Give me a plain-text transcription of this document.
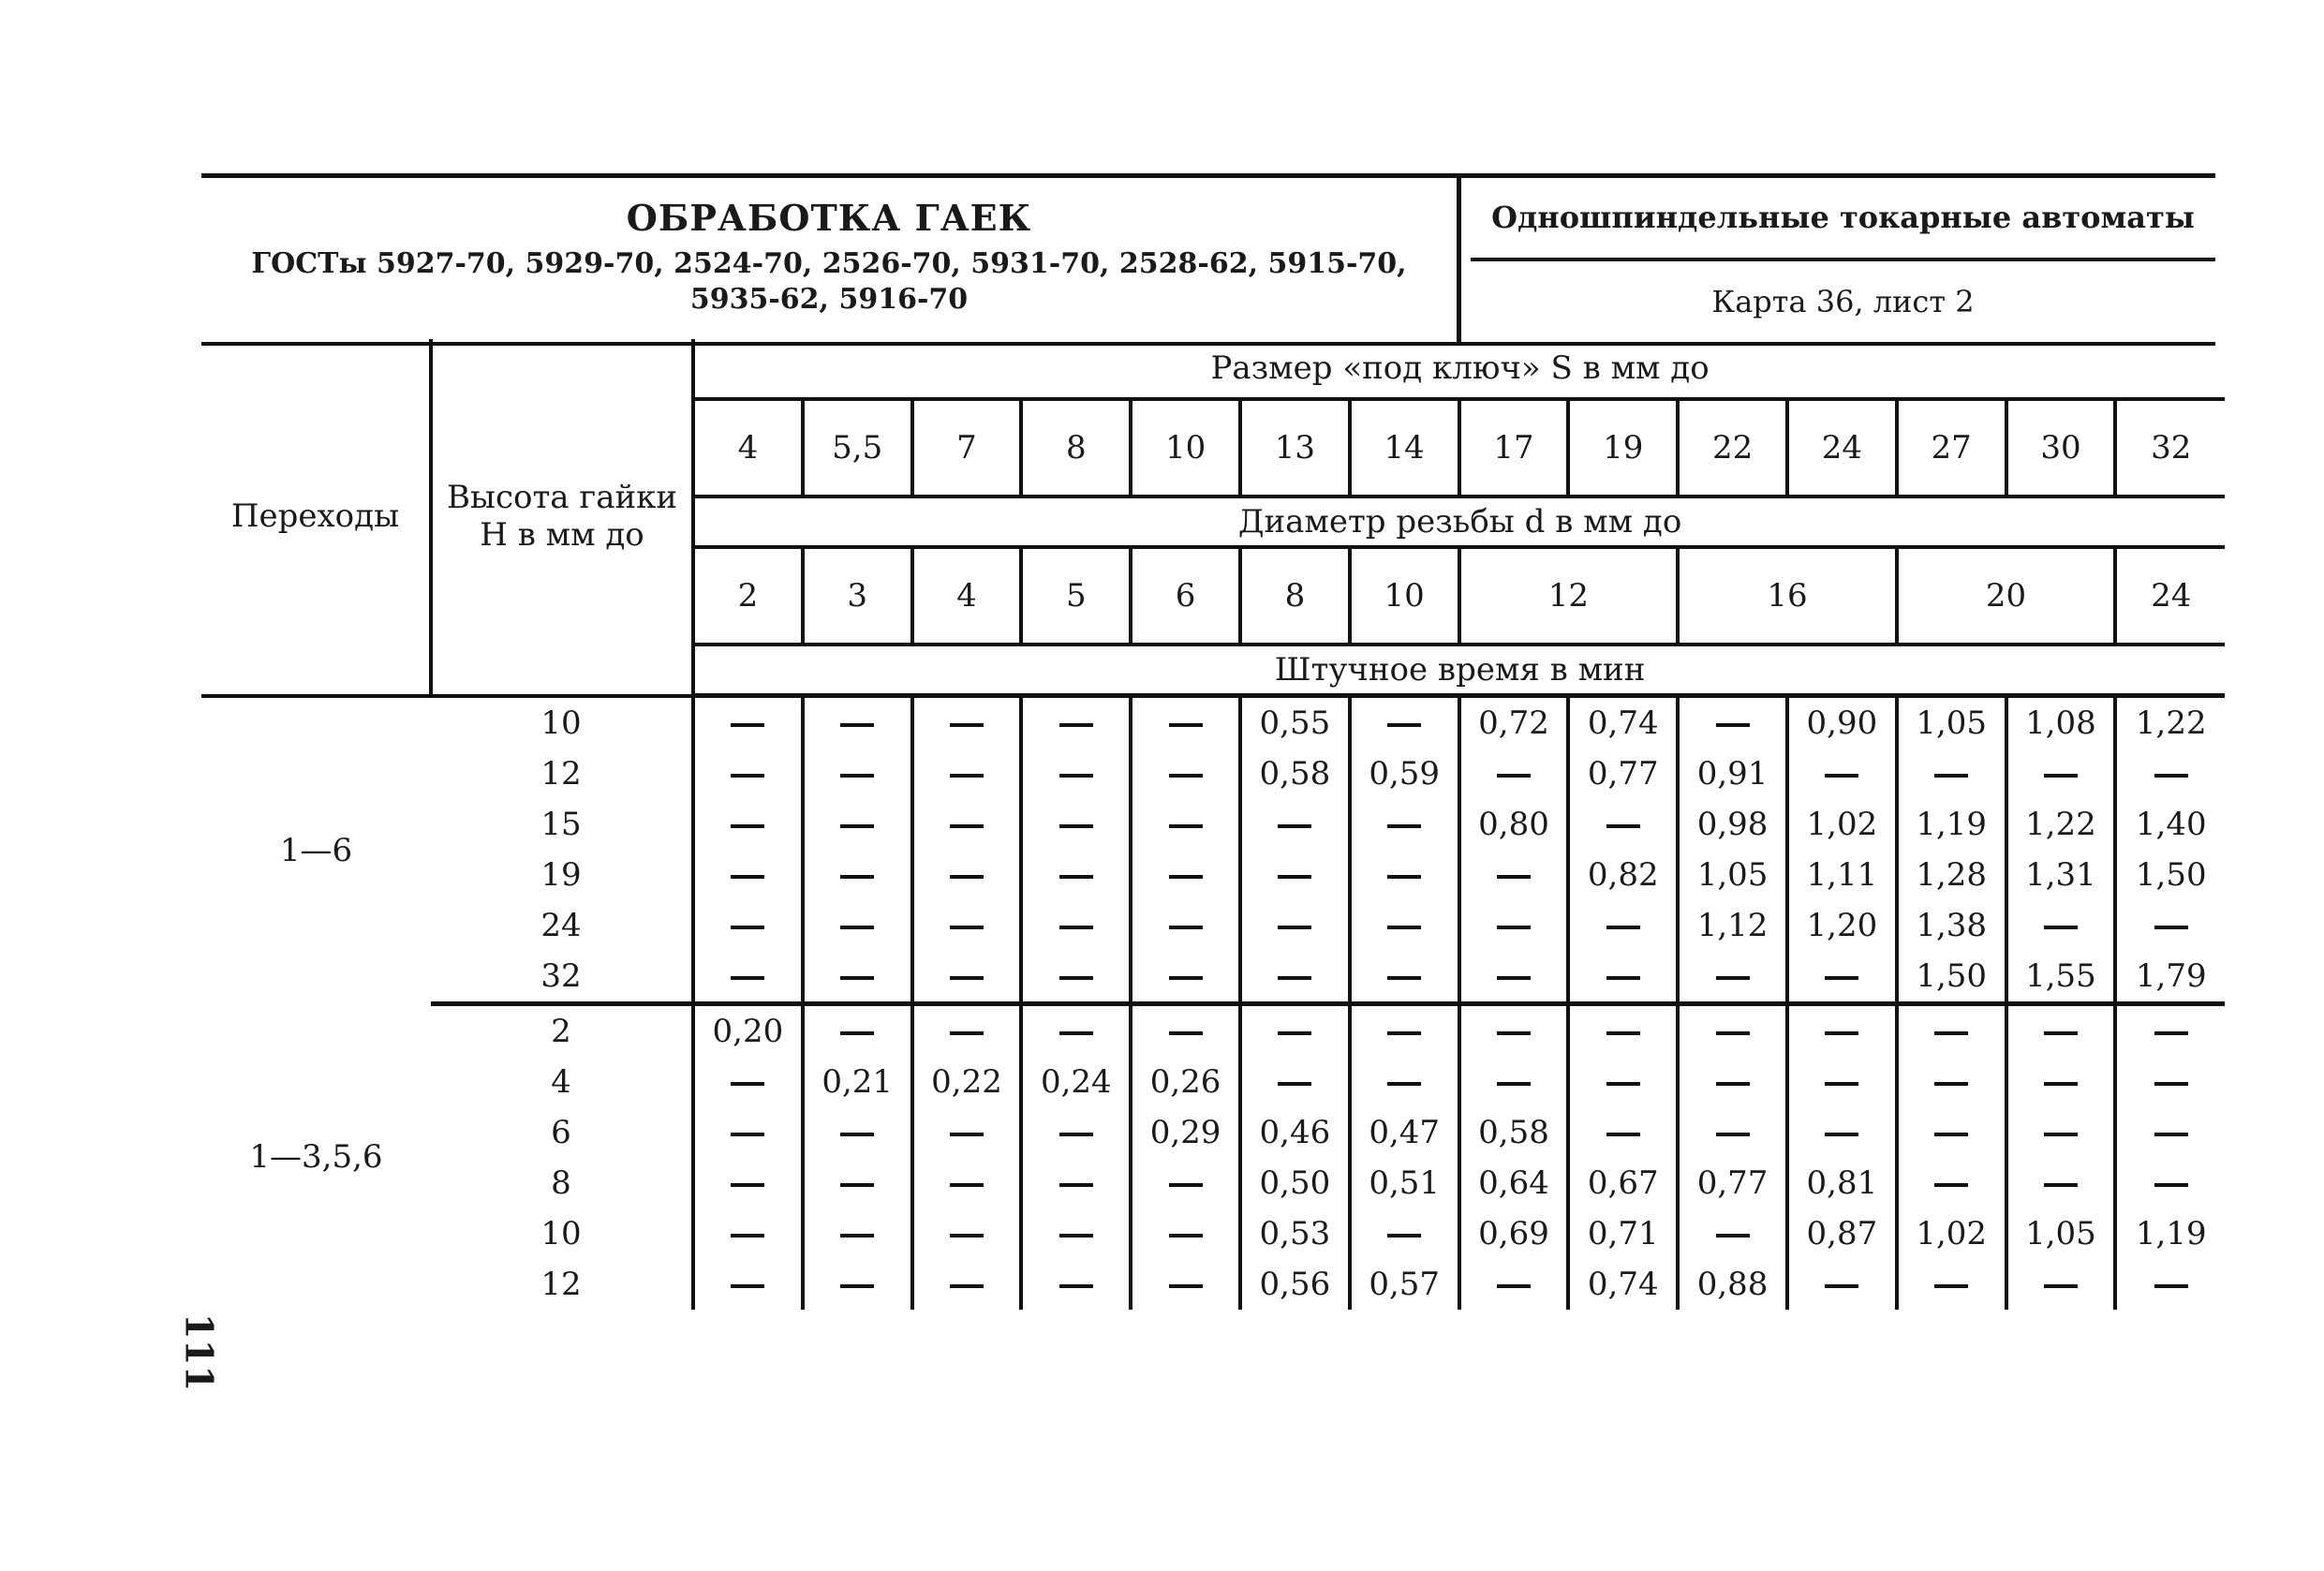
ОБРАБОТКА ГАЕК
ГОСТы 5927-70, 5929-70, 2524-70, 2526-70, 5931-70, 2528-62, 5915-70, 5935-62, 5916-70
Одношпиндельные токарные автоматы
Карта 36, лист 2
Переходы	Высота гайки H в мм до	Размер «под ключ» S в мм до													
		4	5,5	7	8	10	13	14	17	19	22	24	27	30	32
		Диаметр резьбы d в мм до													
		2	3	4	5	6	8	10	12		16		20		24
		Штучное время в мин													
1—6	10						0,55		0,72	0,74		0,90	1,05	1,08	1,22
	12						0,58	0,59		0,77	0,91				
	15								0,80		0,98	1,02	1,19	1,22	1,40
	19									0,82	1,05	1,11	1,28	1,31	1,50
	24										1,12	1,20	1,38		
	32												1,50	1,55	1,79
1—3,5,6	2	0,20													
	4		0,21	0,22	0,24	0,26									
	6					0,29	0,46	0,47	0,58						
	8						0,50	0,51	0,64	0,67	0,77	0,81			
	10						0,53		0,69	0,71		0,87	1,02	1,05	1,19
	12						0,56	0,57		0,74	0,88				
111
